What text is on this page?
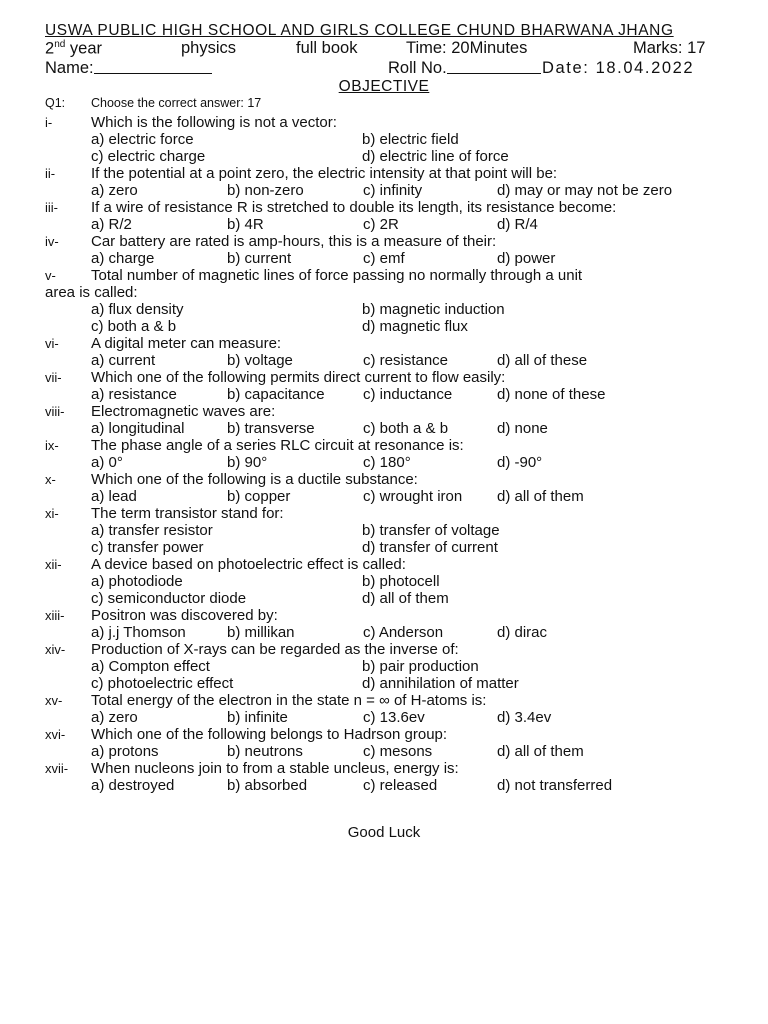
USWA PUBLIC HIGH SCHOOL AND GIRLS COLLEGE CHUND BHARWANA JHANG
2nd year	physics	full book	Time: 20Minutes	Marks: 17
Name:	Roll No.	Date: 18.04.2022
OBJECTIVE
Q1: Choose the correct answer: 17
i-	Which is the following is not a vector:
a) electric force	b) electric field
c) electric charge	d) electric line of force
ii- If the potential at a point zero, the electric intensity at that point will be:
a) zero	b) non-zero	c) infinity	d) may or may not be zero
iii- If a wire of resistance R is stretched to double its length, its resistance become:
a) R/2	b) 4R	c) 2R	d) R/4
iv- Car battery are rated is amp-hours, this is a measure of their:
a) charge	b) current	c) emf	d) power
v- Total number of magnetic lines of force passing no normally through a unit
area is called:
a) flux density	b) magnetic induction
c) both a & b	d) magnetic flux
vi- A digital meter can measure:
a) current	b) voltage	c) resistance	d) all of these
vii- Which one of the following permits direct current to flow easily:
a) resistance	b) capacitance	c) inductance	d) none of these
viii- Electromagnetic waves are:
a) longitudinal	b) transverse	c) both a & b	d) none
ix- The phase angle of a series RLC circuit at resonance is:
a) 0°	b) 90°	c) 180°	d) -90°
x- Which one of the following is a ductile substance:
a) lead	b) copper	c) wrought iron d) all of them
xi- The term transistor stand for:
a) transfer resistor	b) transfer of voltage
c) transfer power	d) transfer of current
xii- A device based on photoelectric effect is called:
a) photodiode	b) photocell
c) semiconductor diode	d) all of them
xiii- Positron was discovered by:
a) j.j Thomson	b) millikan	c) Anderson	d) dirac
xiv- Production of X-rays can be regarded as the inverse of:
a) Compton effect	b) pair production
c) photoelectric effect	d) annihilation of matter
xv- Total energy of the electron in the state n = ∞ of H-atoms is:
a) zero	b) infinite	c) 13.6ev	d) 3.4ev
xvi- Which one of the following belongs to Hadrson group:
a) protons	b) neutrons	c) mesons	d) all of them
xvii- When nucleons join to from a stable uncleus, energy is:
a) destroyed	b) absorbed	c) released	d) not transferred
Good Luck
